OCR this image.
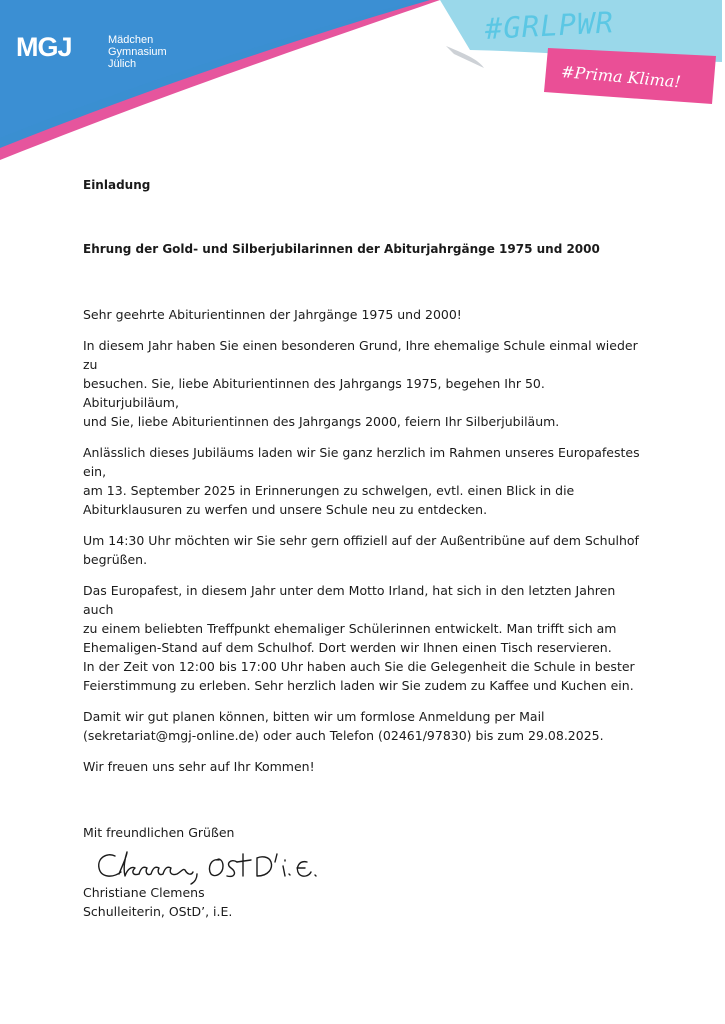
MGJ	Mädchen
Gymnasium
Jülich
#GRLPWR
#Prima Klima!

Einladung

Ehrung der Gold- und Silberjubilarinnen der Abiturjahrgänge 1975 und 2000

Sehr geehrte Abiturientinnen der Jahrgänge 1975 und 2000!

In diesem Jahr haben Sie einen besonderen Grund, Ihre ehemalige Schule einmal wieder zu
besuchen. Sie, liebe Abiturientinnen des Jahrgangs 1975, begehen Ihr 50. Abiturjubiläum,
und Sie, liebe Abiturientinnen des Jahrgangs 2000, feiern Ihr Silberjubiläum.

Anlässlich dieses Jubiläums laden wir Sie ganz herzlich im Rahmen unseres Europafestes ein,
am 13. September 2025 in Erinnerungen zu schwelgen, evtl. einen Blick in die
Abiturklausuren zu werfen und unsere Schule neu zu entdecken.

Um 14:30 Uhr möchten wir Sie sehr gern offiziell auf der Außentribüne auf dem Schulhof
begrüßen.

Das Europafest, in diesem Jahr unter dem Motto Irland, hat sich in den letzten Jahren auch
zu einem beliebten Treffpunkt ehemaliger Schülerinnen entwickelt. Man trifft sich am
Ehemaligen-Stand auf dem Schulhof. Dort werden wir Ihnen einen Tisch reservieren.
In der Zeit von 12:00 bis 17:00 Uhr haben auch Sie die Gelegenheit die Schule in bester
Feierstimmung zu erleben. Sehr herzlich laden wir Sie zudem zu Kaffee und Kuchen ein.

Damit wir gut planen können, bitten wir um formlose Anmeldung per Mail
(sekretariat@mgj-online.de) oder auch Telefon (02461/97830) bis zum 29.08.2025.

Wir freuen uns sehr auf Ihr Kommen!

Mit freundlichen Grüßen

Christiane Clemens
Schulleiterin, OStD’, i.E.
